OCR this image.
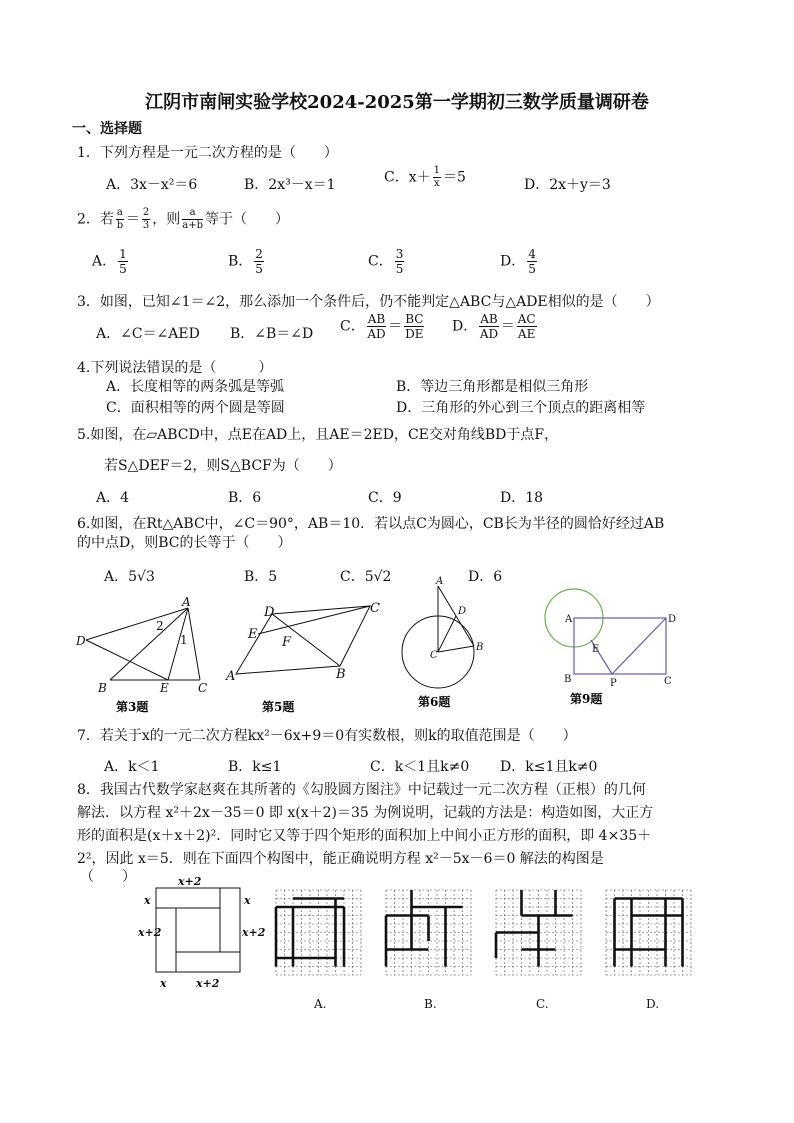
江阴市南闸实验学校2024-2025第一学期初三数学质量调研卷
一、选择题
1．下列方程是一元二次方程的是（　　）
A．3x－x²＝6	B．2x³－x＝1	C．$x+ \frac{1}{x} =5$	D．2x＋y＝3
2．若 $\frac{a}{b} = \frac{2}{3}$ ，则 $\frac{a}{a+b}$ 等于（　　）
A． $\frac{1}{5}$	B． $\frac{2}{5}$	C． $\frac{3}{5}$	D． $\frac{4}{5}$
3．如图，已知∠1＝∠2，那么添加一个条件后，仍不能判定△ABC与△ADE相似的是（　　）
A．∠C＝∠AED B．∠B＝∠D C． $\frac{AB}{AD} = \frac{BC}{DE}$ D． $\frac{AB}{AD} = \frac{AC}{AE}$
4.下列说法错误的是（　　　）
A．长度相等的两条弧是等弧	B．等边三角形都是相似三角形
C．面积相等的两个圆是等圆	D．三角形的外心到三个顶点的距离相等
5.如图，在▱ABCD中，点E在AD上，且AE＝2ED，CE交对角线BD于点F，
若S△DEF＝2，则S△BCF为（　　）
A．4	B．6	C．9	D．18
6.如图，在Rt△ABC中，∠C＝90°，AB＝10．若以点C为圆心，CB长为半径的圆恰好经过AB
的中点D，则BC的长等于（　　）
A．5√3	B．5	C．5√2	D．6
A
D
B	E C
2
1
第3题
D	C
E
F
A	B
第5题
A
D
C
B
第6题
A	D
E
B	P	C
第9题
7．若关于x的一元二次方程kx²－6x+9＝0有实数根，则k的取值范围是（　　）
A．k＜1	B．k≤1	C．k＜1且k≠0 D．k≤1且k≠0
8．我国古代数学家赵爽在其所著的《勾股圆方图注》中记载过一元二次方程（正根）的几何
解法．以方程 x²＋2x－35＝0 即 x(x＋2)＝35 为例说明，记载的方法是：构造如图，大正方
形的面积是(x＋x＋2)²．同时它又等于四个矩形的面积加上中间小正方形的面积，即 4×35＋
2²，因此 x＝5．则在下面四个构图中，能正确说明方程 x²－5x－6＝0 解法的构图是
（　　）	x+2
x	x
x+2	x+2
x	x+2
A.	B.	C.	D.
